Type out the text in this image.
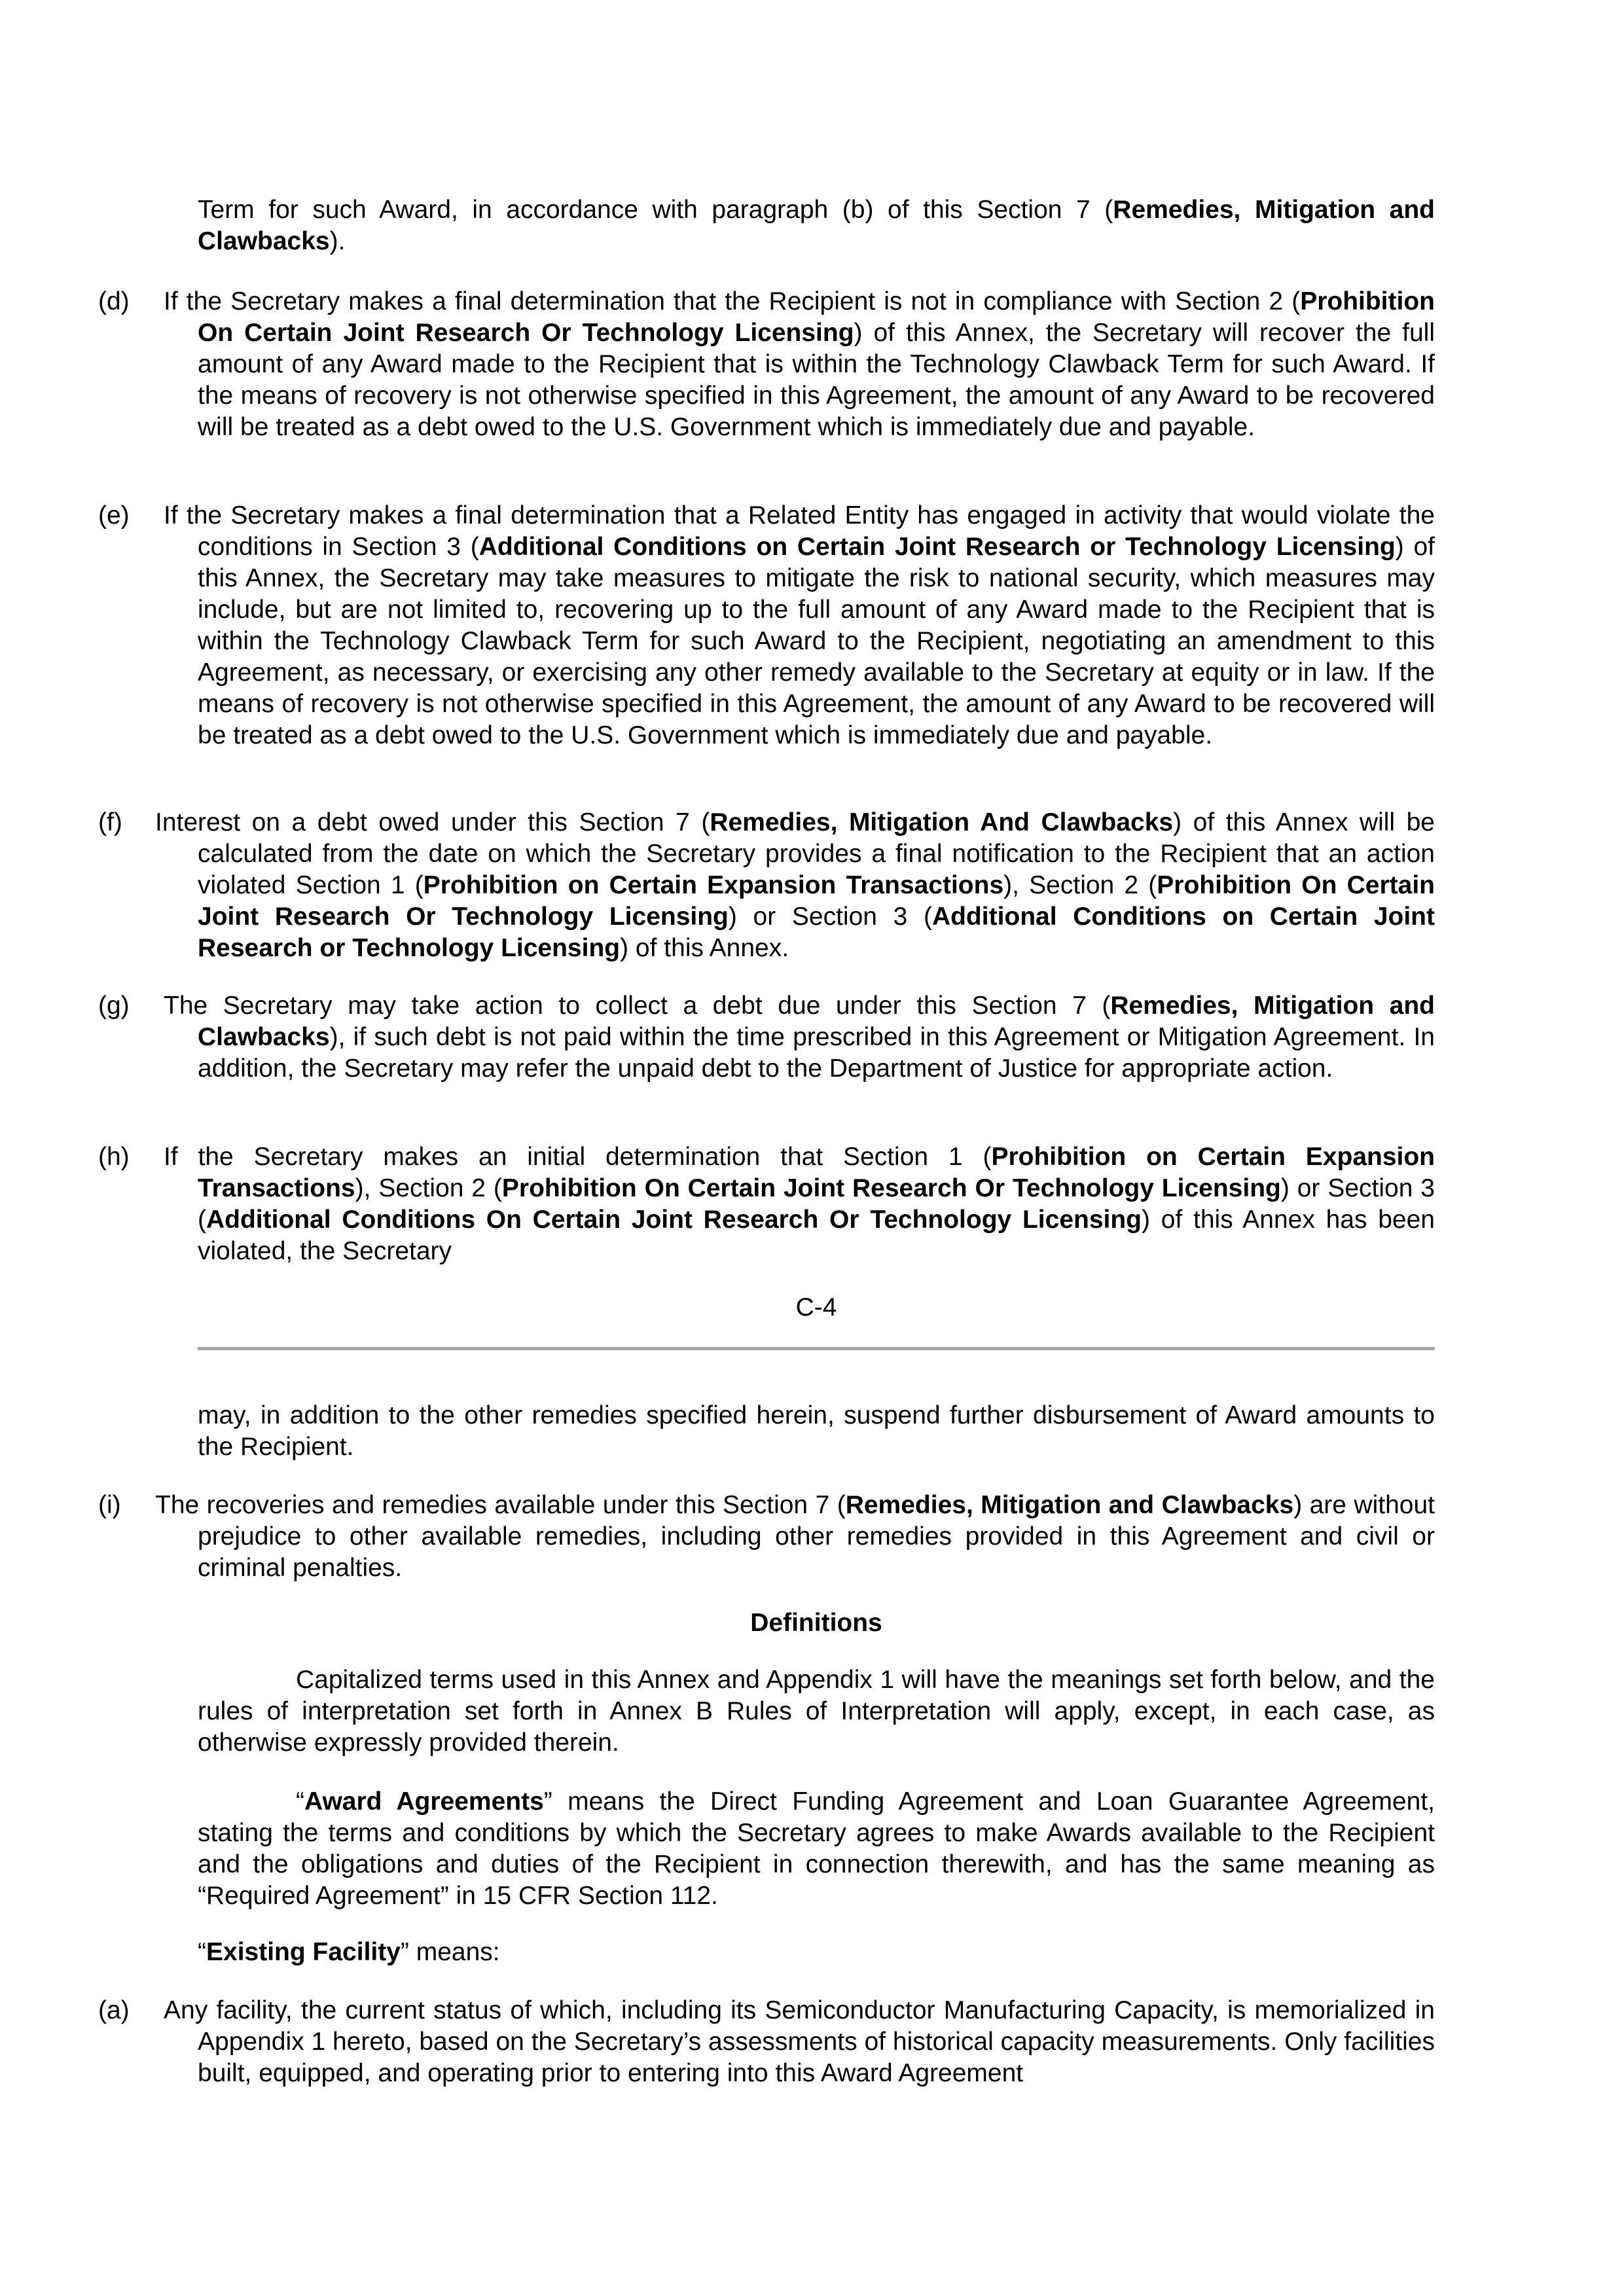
Term for such Award, in accordance with paragraph (b) of this Section 7 (Remedies, Mitigation and Clawbacks).

(d) If the Secretary makes a final determination that the Recipient is not in compliance with Section 2 (Prohibition On Certain Joint Research Or Technology Licensing) of this Annex, the Secretary will recover the full amount of any Award made to the Recipient that is within the Technology Clawback Term for such Award. If the means of recovery is not otherwise specified in this Agreement, the amount of any Award to be recovered will be treated as a debt owed to the U.S. Government which is immediately due and payable.
(e) If the Secretary makes a final determination that a Related Entity has engaged in activity that would violate the conditions in Section 3 (Additional Conditions on Certain Joint Research or Technology Licensing) of this Annex, the Secretary may take measures to mitigate the risk to national security, which measures may include, but are not limited to, recovering up to the full amount of any Award made to the Recipient that is within the Technology Clawback Term for such Award to the Recipient, negotiating an amendment to this Agreement, as necessary, or exercising any other remedy available to the Secretary at equity or in law. If the means of recovery is not otherwise specified in this Agreement, the amount of any Award to be recovered will be treated as a debt owed to the U.S. Government which is immediately due and payable.
(f) Interest on a debt owed under this Section 7 (Remedies, Mitigation And Clawbacks) of this Annex will be calculated from the date on which the Secretary provides a final notification to the Recipient that an action violated Section 1 (Prohibition on Certain Expansion Transactions), Section 2 (Prohibition On Certain Joint Research Or Technology Licensing) or Section 3 (Additional Conditions on Certain Joint Research or Technology Licensing) of this Annex.
(g) The Secretary may take action to collect a debt due under this Section 7 (Remedies, Mitigation and Clawbacks), if such debt is not paid within the time prescribed in this Agreement or Mitigation Agreement. In addition, the Secretary may refer the unpaid debt to the Department of Justice for appropriate action.
(h) If the Secretary makes an initial determination that Section 1 (Prohibition on Certain Expansion Transactions), Section 2 (Prohibition On Certain Joint Research Or Technology Licensing) or Section 3 (Additional Conditions On Certain Joint Research Or Technology Licensing) of this Annex has been violated, the Secretary
C-4
may, in addition to the other remedies specified herein, suspend further disbursement of Award amounts to the Recipient.
(i) The recoveries and remedies available under this Section 7 (Remedies, Mitigation and Clawbacks) are without prejudice to other available remedies, including other remedies provided in this Agreement and civil or criminal penalties.
Definitions
Capitalized terms used in this Annex and Appendix 1 will have the meanings set forth below, and the rules of interpretation set forth in Annex B Rules of Interpretation will apply, except, in each case, as otherwise expressly provided therein.
“Award Agreements” means the Direct Funding Agreement and Loan Guarantee Agreement, stating the terms and conditions by which the Secretary agrees to make Awards available to the Recipient and the obligations and duties of the Recipient in connection therewith, and has the same meaning as “Required Agreement” in 15 CFR Section 112.
“Existing Facility” means:
(a) Any facility, the current status of which, including its Semiconductor Manufacturing Capacity, is memorialized in Appendix 1 hereto, based on the Secretary’s assessments of historical capacity measurements. Only facilities built, equipped, and operating prior to entering into this Award Agreement
